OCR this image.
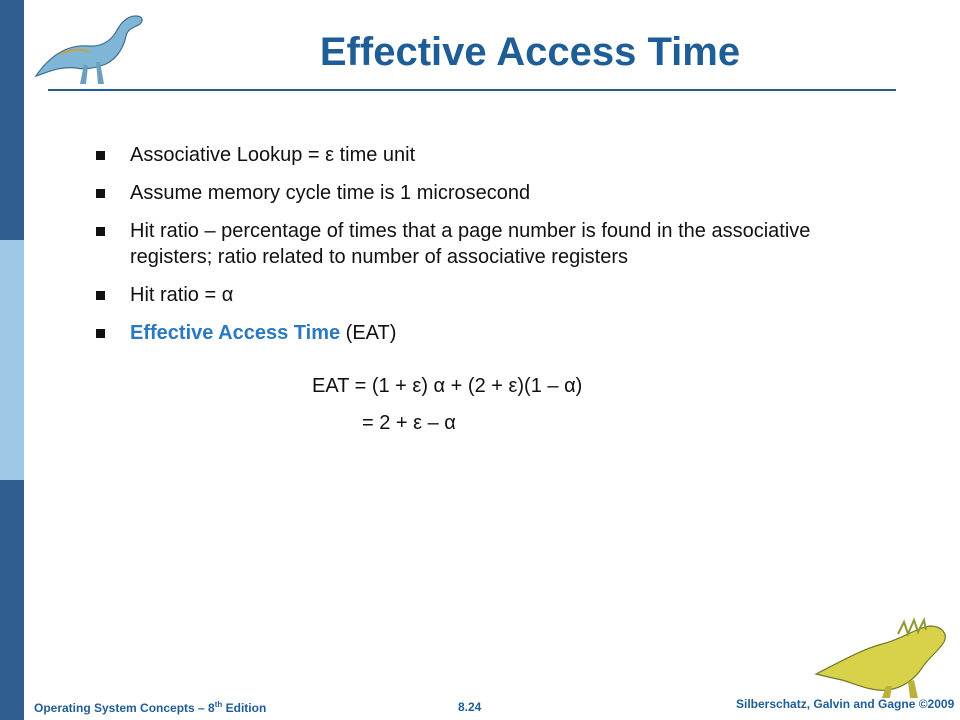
Effective Access Time
Associative Lookup = ε time unit
Assume memory cycle time is 1 microsecond
Hit ratio – percentage of times that a page number is found in the associative registers; ratio related to number of associative registers
Hit ratio = α
Effective Access Time (EAT)
EAT = (1 + ε) α + (2 + ε)(1 – α)
= 2 + ε – α
Operating System Concepts – 8th Edition	8.24	Silberschatz, Galvin and Gagne ©2009
